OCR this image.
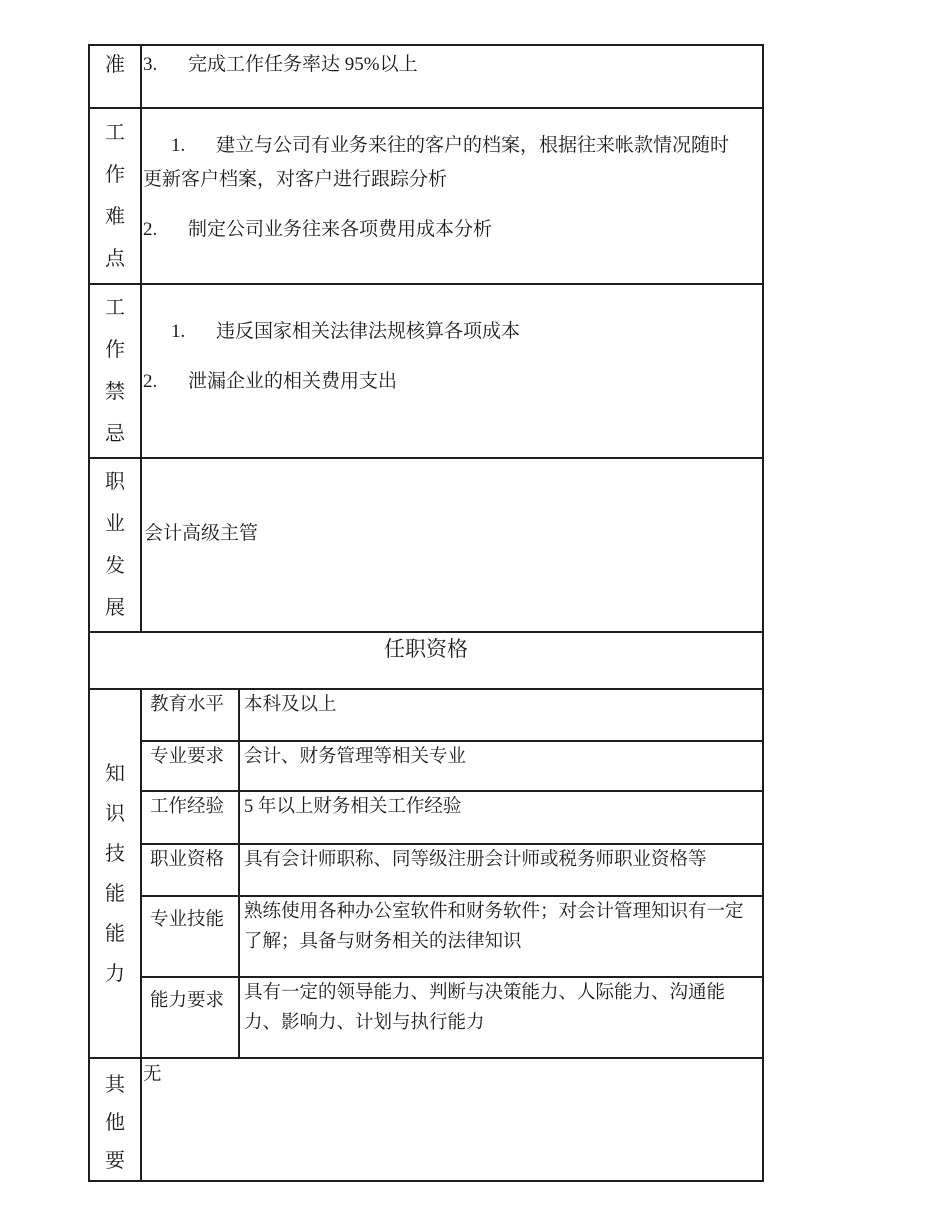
准	3. 完成工作任务率达 95%以上	

工作难点	1. 建立与公司有业务来往的客户的档案，根据往来帐款情况随时更新客户档案，对客户进行跟踪分析
2. 制定公司业务往来各项费用成本分析	

工作禁忌	1. 违反国家相关法律法规核算各项成本
2. 泄漏企业的相关费用支出	

职业发展	会计高级主管	
任职资格		

知识技能能力	教育水平	本科及以上
	专业要求	会计、财务管理等相关专业
	工作经验	5 年以上财务相关工作经验
	职业资格	具有会计师职称、同等级注册会计师或税务师职业资格等
	专业技能	熟练使用各种办公室软件和财务软件；对会计管理知识有一定了解；具备与财务相关的法律知识
	能力要求	具有一定的领导能力、判断与决策能力、人际能力、沟通能力、影响力、计划与执行能力

其他要	无	
